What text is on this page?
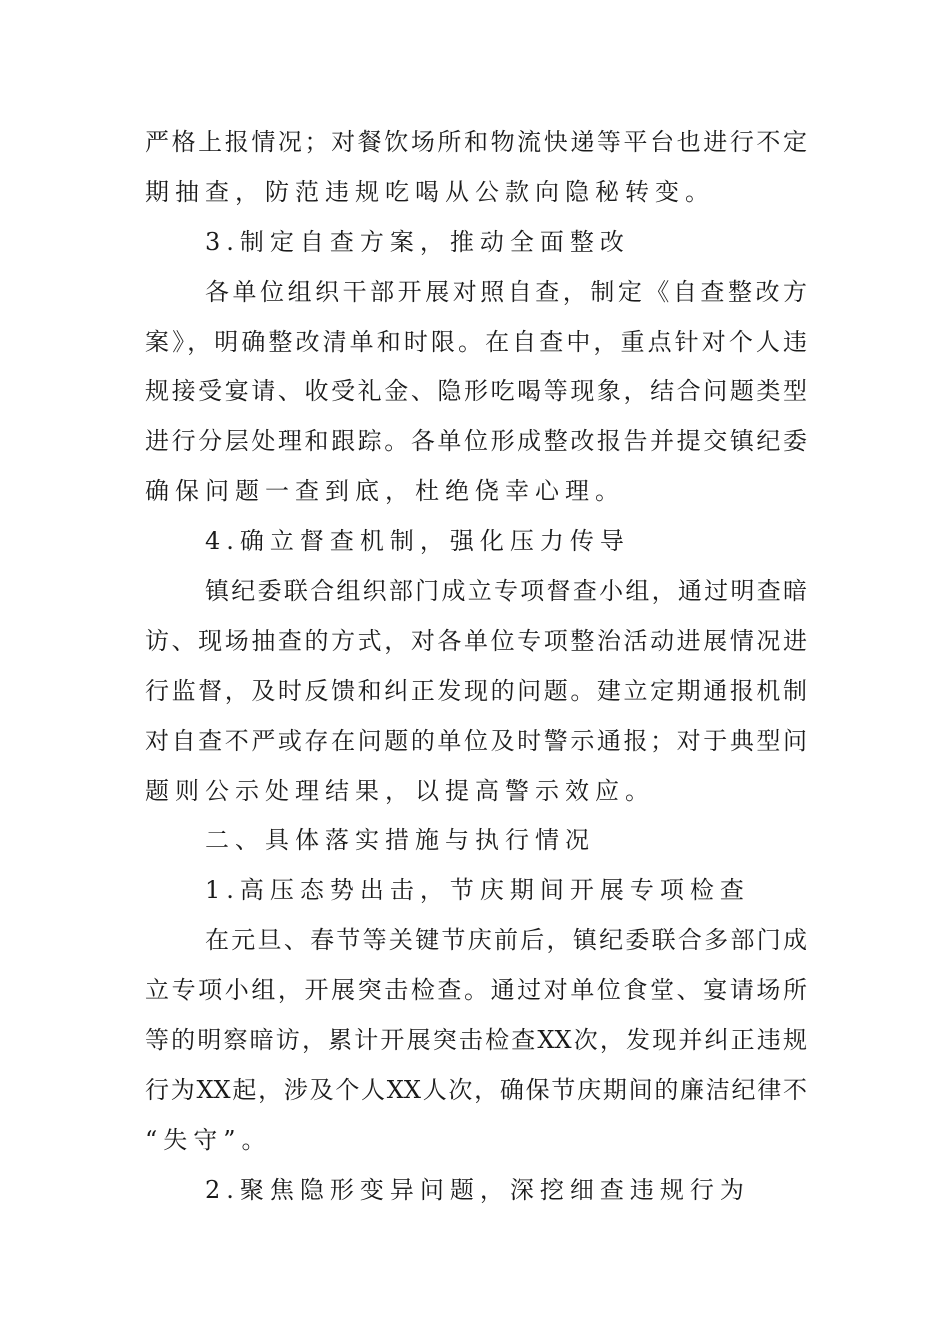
严格上报情况；对餐饮场所和物流快递等平台也进行不定
期抽查，防范违规吃喝从公款向隐秘转变。
3.制定自查方案，推动全面整改
各单位组织干部开展对照自查，制定《自查整改方
案》，明确整改清单和时限。在自查中，重点针对个人违
规接受宴请、收受礼金、隐形吃喝等现象，结合问题类型
进行分层处理和跟踪。各单位形成整改报告并提交镇纪委
确保问题一查到底，杜绝侥幸心理。
4.确立督查机制，强化压力传导
镇纪委联合组织部门成立专项督查小组，通过明查暗
访、现场抽查的方式，对各单位专项整治活动进展情况进
行监督，及时反馈和纠正发现的问题。建立定期通报机制
对自查不严或存在问题的单位及时警示通报；对于典型问
题则公示处理结果，以提高警示效应。
二、具体落实措施与执行情况
1.高压态势出击，节庆期间开展专项检查
在元旦、春节等关键节庆前后，镇纪委联合多部门成
立专项小组，开展突击检查。通过对单位食堂、宴请场所
等的明察暗访，累计开展突击检查XX次，发现并纠正违规
行为XX起，涉及个人XX人次，确保节庆期间的廉洁纪律不
“失守”。
2.聚焦隐形变异问题，深挖细查违规行为
